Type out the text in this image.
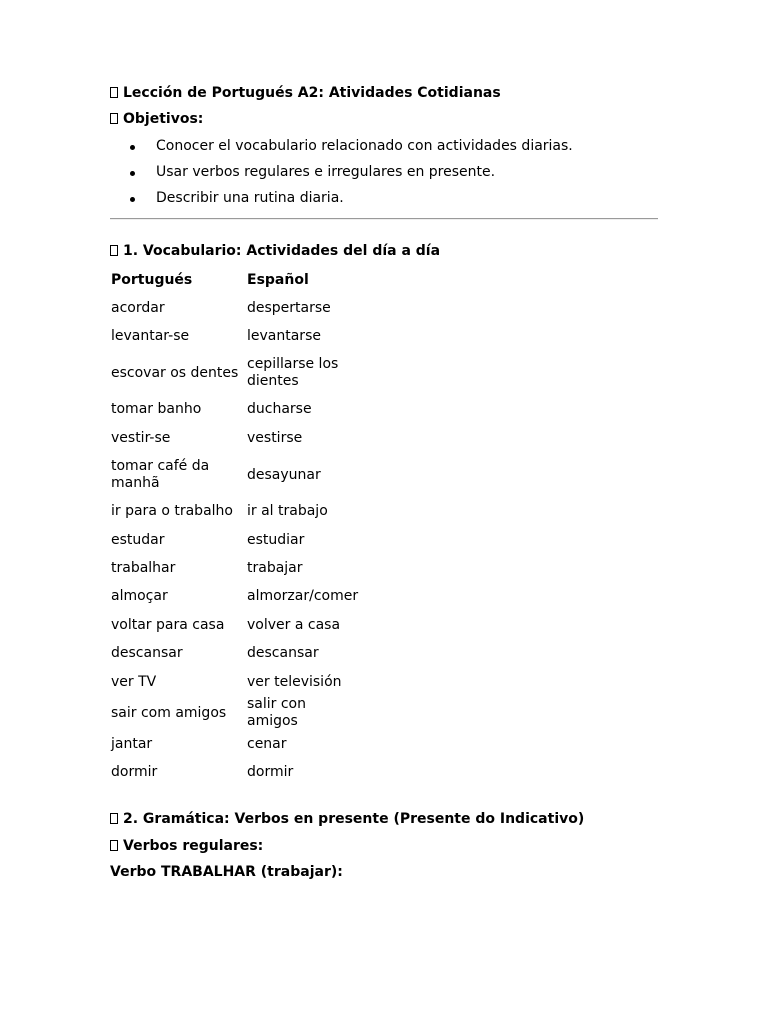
Lección de Portugués A2: Atividades Cotidianas
Objetivos:
Conocer el vocabulario relacionado con actividades diarias.
Usar verbos regulares e irregulares en presente.
Describir una rutina diaria.
1. Vocabulario: Actividades del día a día
Portugués	Español
acordar	despertarse
levantar-se	levantarse
escovar os dentes	cepillarse los dientes
tomar banho	ducharse
vestir-se	vestirse
tomar café da manhã	desayunar
ir para o trabalho	ir al trabajo
estudar	estudiar
trabalhar	trabajar
almoçar	almorzar/comer
voltar para casa	volver a casa
descansar	descansar
ver TV	ver televisión
sair com amigos	salir con amigos
jantar	cenar
dormir	dormir
2. Gramática: Verbos en presente (Presente do Indicativo)
Verbos regulares:
Verbo TRABALHAR (trabajar):
